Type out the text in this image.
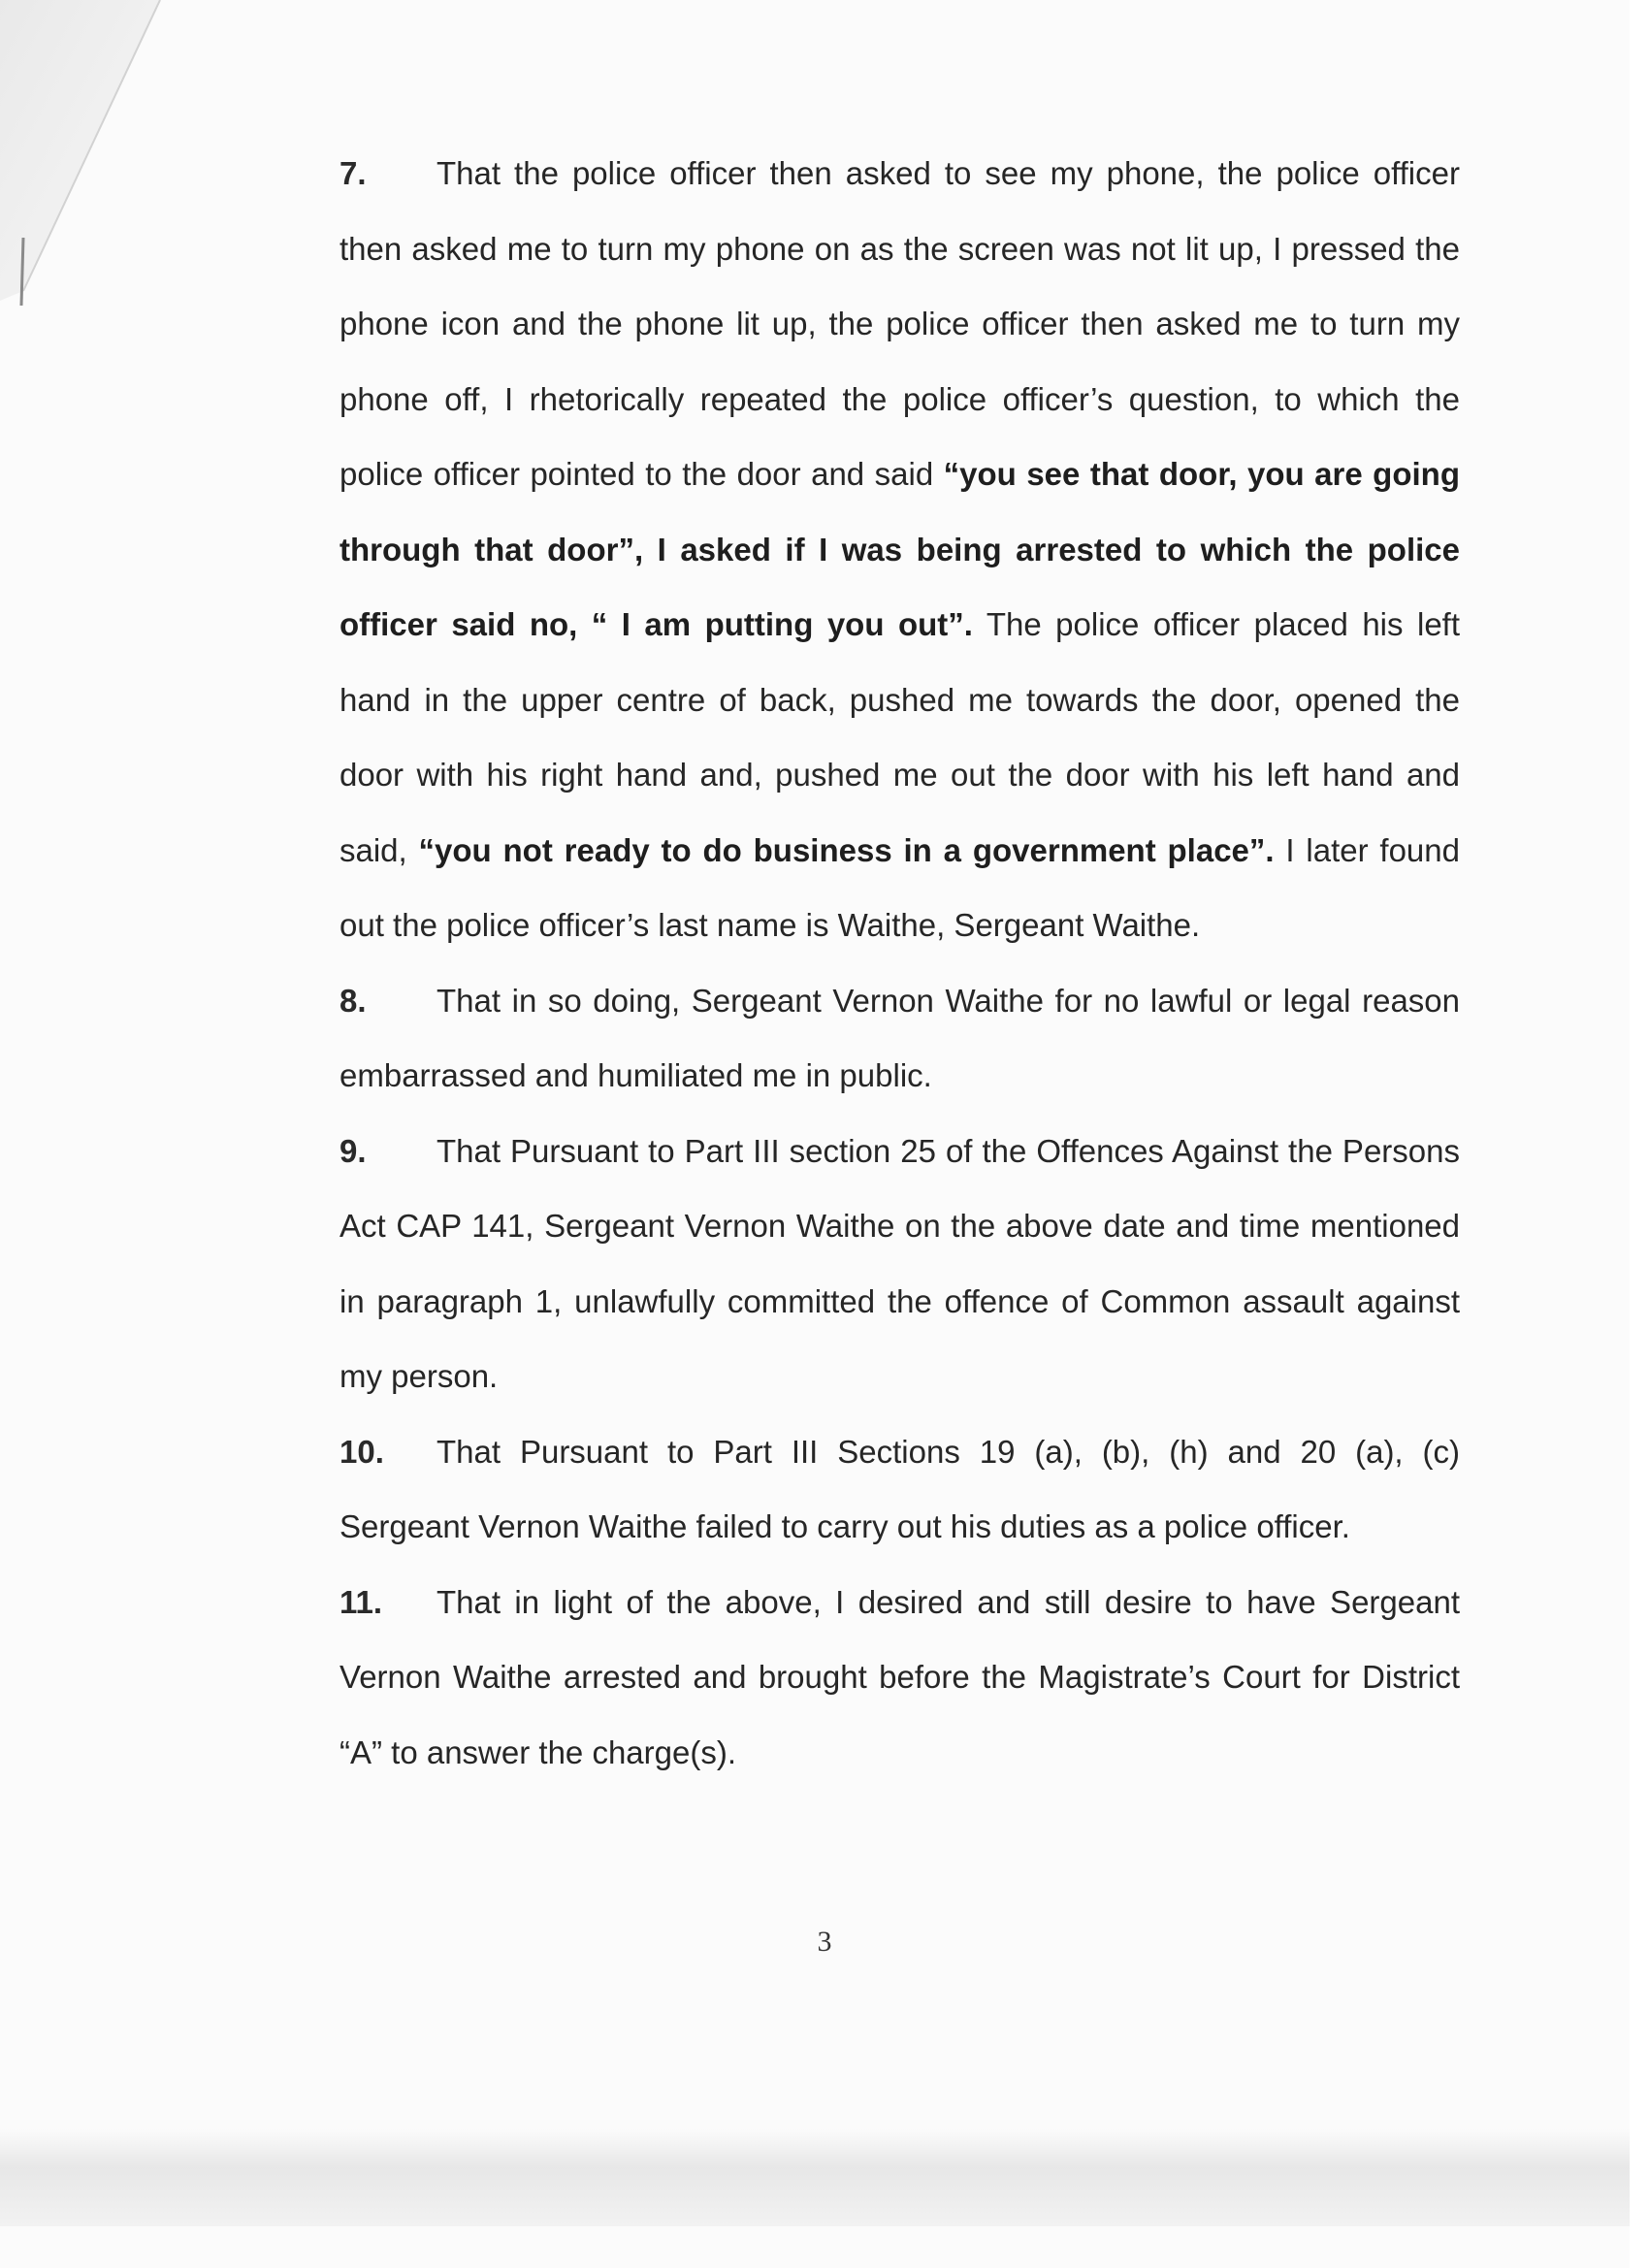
7. That the police officer then asked to see my phone, the police officer then asked me to turn my phone on as the screen was not lit up, I pressed the phone icon and the phone lit up, the police officer then asked me to turn my phone off, I rhetorically repeated the police officer’s question, to which the police officer pointed to the door and said “you see that door, you are going through that door”, I asked if I was being arrested to which the police officer said no, “ I am putting you out”. The police officer placed his left hand in the upper centre of back, pushed me towards the door, opened the door with his right hand and, pushed me out the door with his left hand and said, “you not ready to do business in a government place”. I later found out the police officer’s last name is Waithe, Sergeant Waithe.

8. That in so doing, Sergeant Vernon Waithe for no lawful or legal reason embarrassed and humiliated me in public.

9. That Pursuant to Part III section 25 of the Offences Against the Persons Act CAP 141, Sergeant Vernon Waithe on the above date and time mentioned in paragraph 1, unlawfully committed the offence of Common assault against my person.

10. That Pursuant to Part III Sections 19 (a), (b), (h) and 20 (a), (c) Sergeant Vernon Waithe failed to carry out his duties as a police officer.

11. That in light of the above, I desired and still desire to have Sergeant Vernon Waithe arrested and brought before the Magistrate’s Court for District “A” to answer the charge(s).

3
